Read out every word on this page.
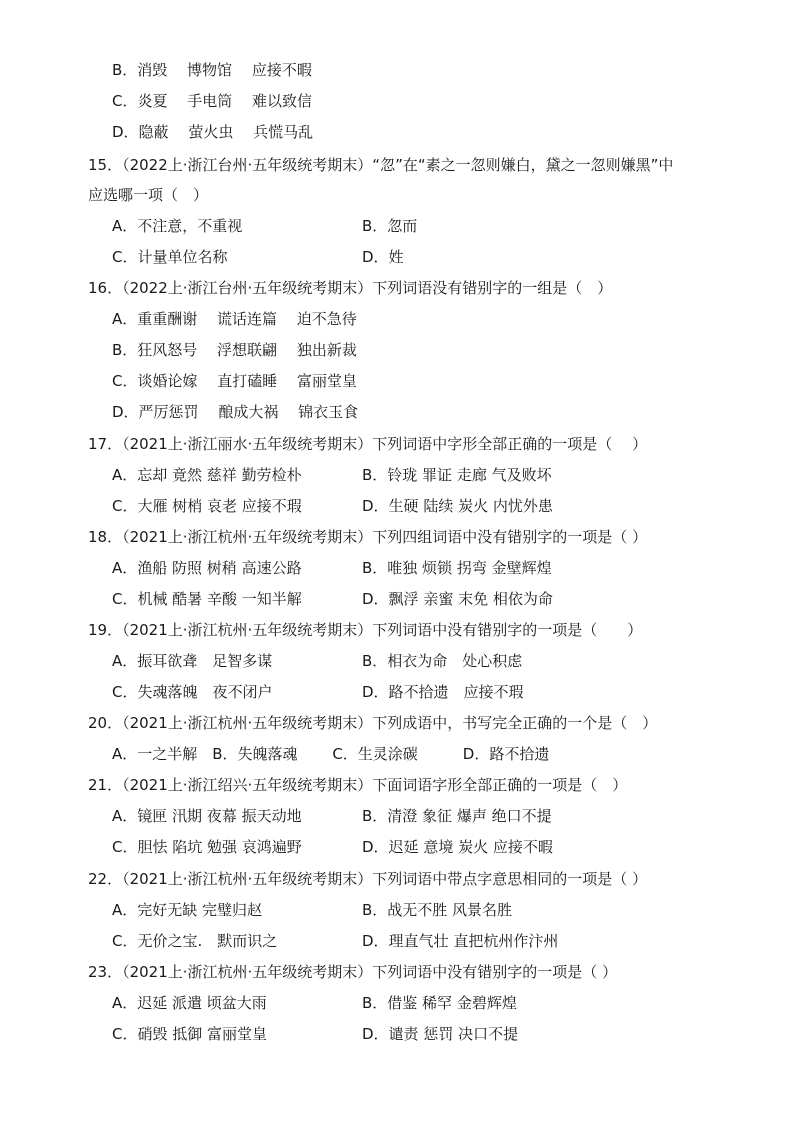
B．消毁　 博物馆　 应接不暇
C．炎夏　 手电筒　 难以致信
D．隐蔽　 萤火虫　 兵慌马乱
15．（2022上·浙江台州·五年级统考期末）“忽”在“素之一忽则嫌白，黛之一忽则嫌黑”中
应选哪一项（　）
A．不注意，不重视	B．忽而
C．计量单位名称	D．姓
16．（2022上·浙江台州·五年级统考期末）下列词语没有错别字的一组是（　）
A．重重酬谢　 谎话连篇　 迫不急待
B．狂风怒号　 浮想联翩　 独出新裁
C．谈婚论嫁　 直打磕睡　 富丽堂皇
D．严厉惩罚　 酿成大祸　 锦衣玉食
17．（2021上·浙江丽水·五年级统考期末）下列词语中字形全部正确的一项是（　 ）
A．忘却 竟然 慈祥 勤劳检朴	B．铃珑 罪证 走廊 气及败坏
C．大雁 树梢 哀老 应接不瑕	D．生硬 陆续 炭火 内忧外患
18．（2021上·浙江杭州·五年级统考期末）下列四组词语中没有错别字的一项是（ ）
A．渔船 防照 树稍 高速公路	B．唯独 烦锁 拐弯 金壁辉煌
C．机械 酷暑 辛酸 一知半解	D．飘浮 亲蜜 末免 相依为命
19．（2021上·浙江杭州·五年级统考期末）下列词语中没有错别字的一项是（　　）
A．振耳欲聋　足智多谋	B．相衣为命　处心积虑
C．失魂落魄　夜不闭户	D．路不拾遗　应接不瑕
20．（2021上·浙江杭州·五年级统考期末）下列成语中，书写完全正确的一个是（　）
A．一之半解　B．失魄落魂　　 C．生灵涂碳　　　D．路不拾遗
21．（2021上·浙江绍兴·五年级统考期末）下面词语字形全部正确的一项是（　）
A．镜匣 汛期 夜幕 振天动地	B．清澄 象征 爆声 绝口不提
C．胆怯 陷坑 勉强 哀鸿遍野	D．迟延 意境 炭火 应接不暇
22．（2021上·浙江杭州·五年级统考期末）下列词语中带点字意思相同的一项是（ ）
A．完好无缺 完璧归赵	B．战无不胜 风景名胜
C．无价之宝.　默而识之	D．理直气壮 直把杭州作汴州
23．（2021上·浙江杭州·五年级统考期末）下列词语中没有错别字的一项是（ ）
A．迟延 派遣 顷盆大雨	B．借鉴 稀罕 金碧辉煌
C．硝毁 抵御 富丽堂皇	D．谴责 惩罚 决口不提
